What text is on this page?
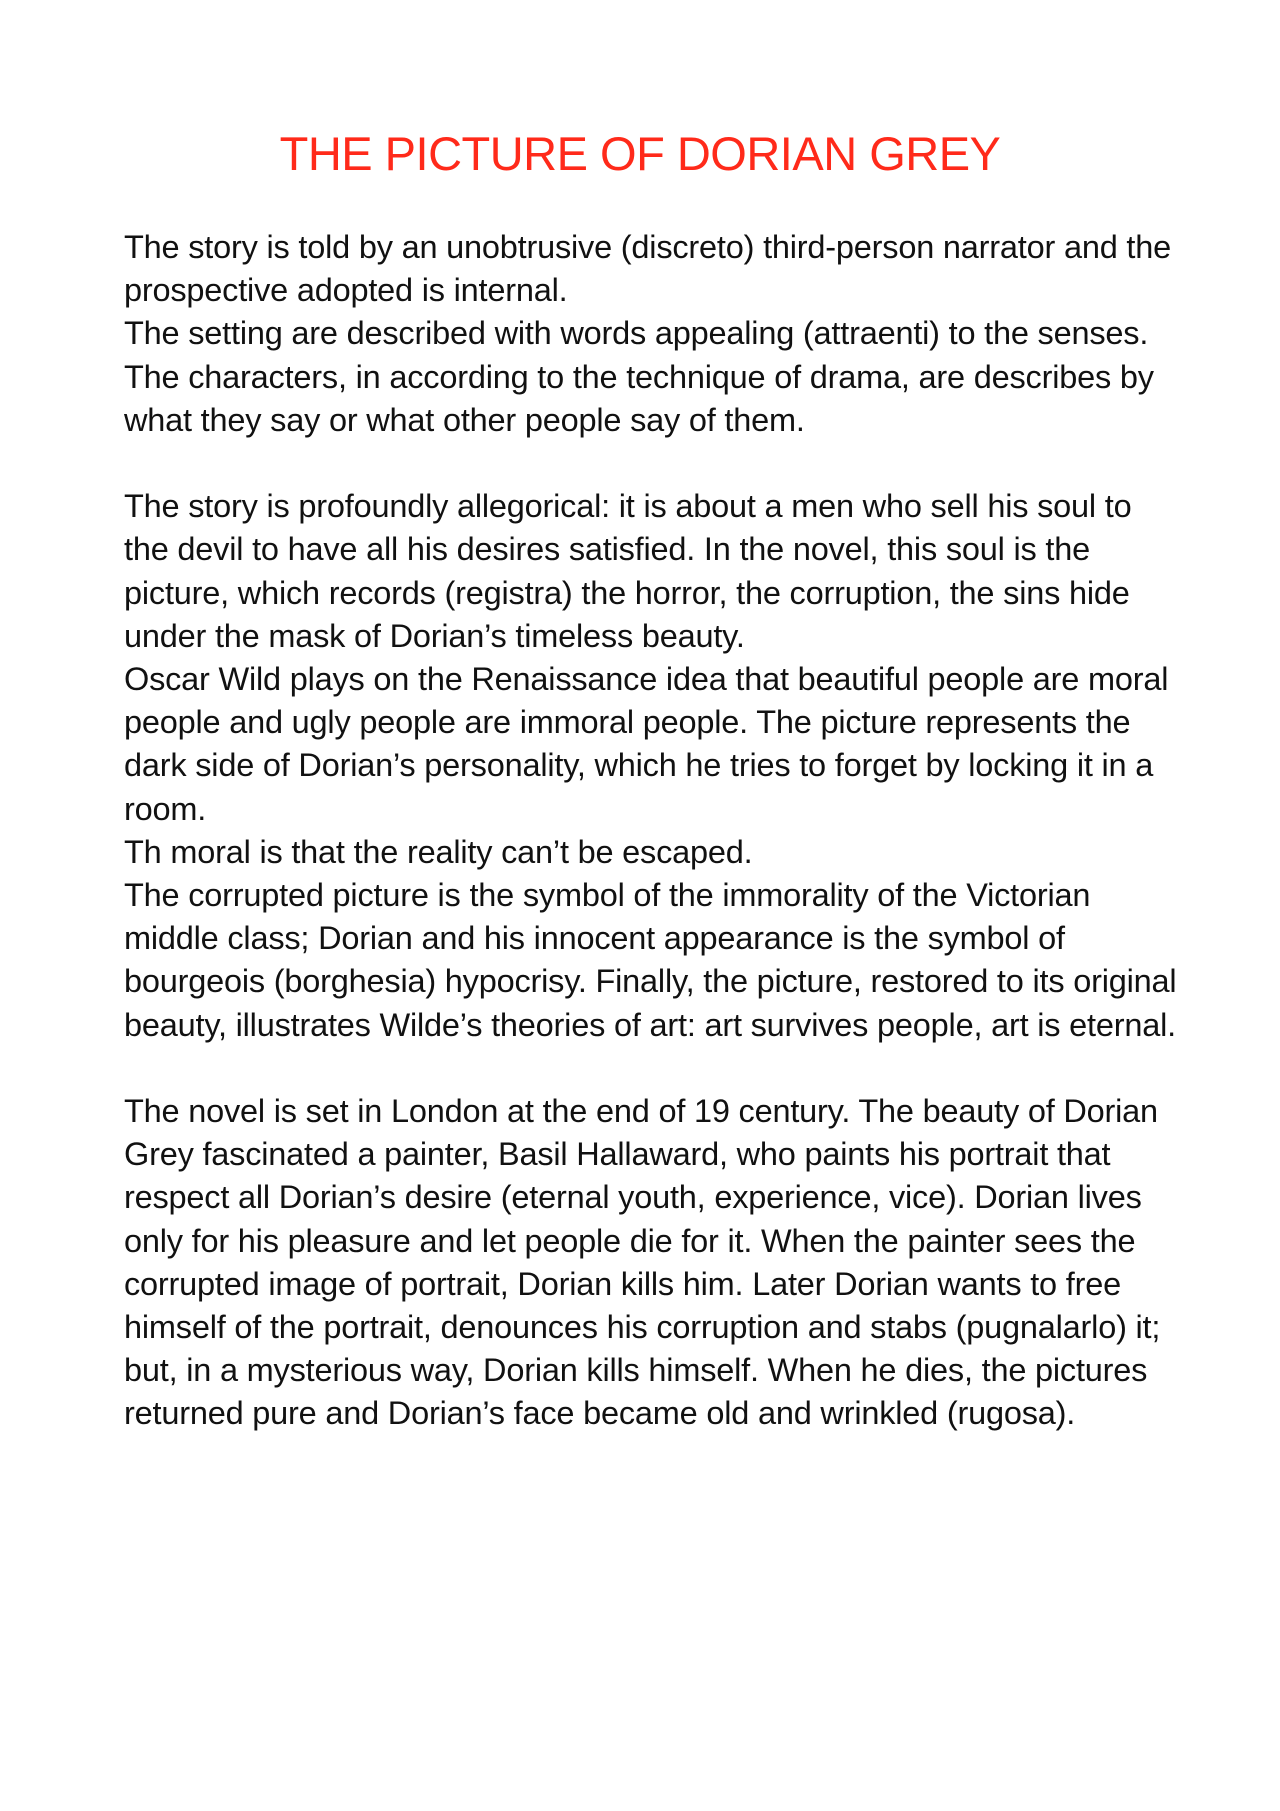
THE PICTURE OF DORIAN GREY

The story is told by an unobtrusive (discreto) third-person narrator and the prospective adopted is internal.

The setting are described with words appealing (attraenti) to the senses.

The characters, in according to the technique of drama, are describes by what they say or what other people say of them.

The story is profoundly allegorical: it is about a men who sell his soul to the devil to have all his desires satisfied. In the novel, this soul is the picture, which records (registra) the horror, the corruption, the sins hide under the mask of Dorian’s timeless beauty.

Oscar Wild plays on the Renaissance idea that beautiful people are moral people and ugly people are immoral people. The picture represents the dark side of Dorian’s personality, which he tries to forget by locking it in a room.

Th moral is that the reality can’t be escaped.

The corrupted picture is the symbol of the immorality of the Victorian middle class; Dorian and his innocent appearance is the symbol of bourgeois (borghesia) hypocrisy. Finally, the picture, restored to its original beauty, illustrates Wilde’s theories of art: art survives people, art is eternal.

The novel is set in London at the end of 19 century. The beauty of Dorian Grey fascinated a painter, Basil Hallaward, who paints his portrait that respect all Dorian’s desire (eternal youth, experience, vice). Dorian lives only for his pleasure and let people die for it. When the painter sees the corrupted image of portrait, Dorian kills him. Later Dorian wants to free himself of the portrait, denounces his corruption and stabs (pugnalarlo) it; but, in a mysterious way, Dorian kills himself. When he dies, the pictures returned pure and Dorian’s face became old and wrinkled (rugosa).
